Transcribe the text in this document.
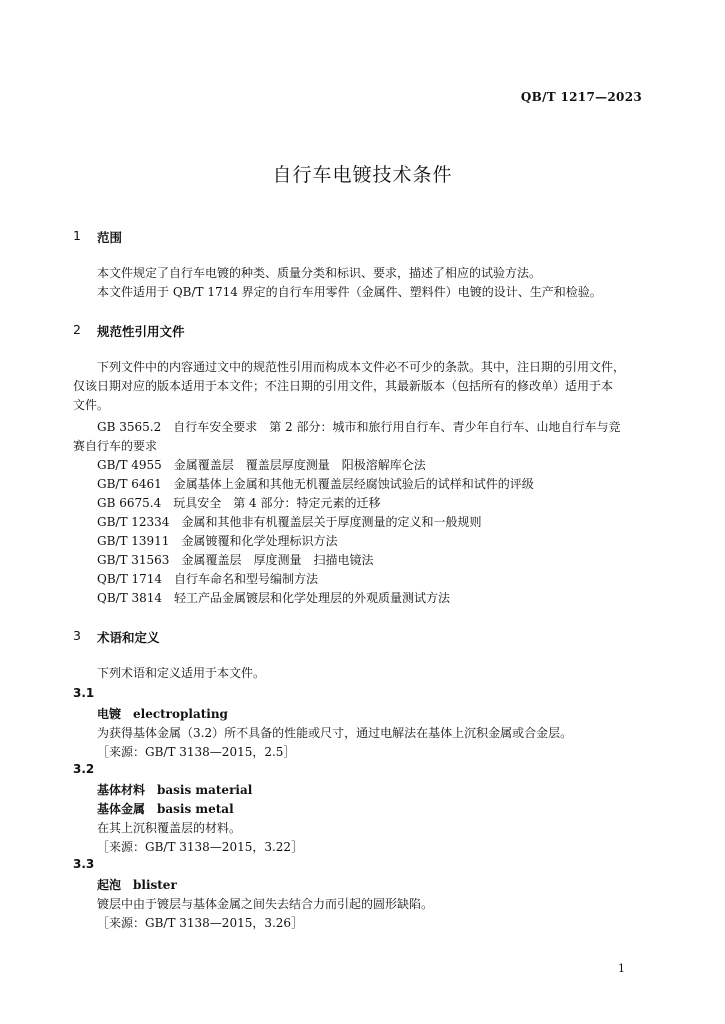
QB/T 1217—2023
自行车电镀技术条件
1 范围
本文件规定了自行车电镀的种类、质量分类和标识、要求，描述了相应的试验方法。
本文件适用于 QB/T 1714 界定的自行车用零件（金属件、塑料件）电镀的设计、生产和检验。
2 规范性引用文件
下列文件中的内容通过文中的规范性引用而构成本文件必不可少的条款。其中，注日期的引用文件，
仅该日期对应的版本适用于本文件；不注日期的引用文件，其最新版本（包括所有的修改单）适用于本
文件。
GB 3565.2　自行车安全要求　第 2 部分：城市和旅行用自行车、青少年自行车、山地自行车与竞
赛自行车的要求
GB/T 4955　金属覆盖层　覆盖层厚度测量　阳极溶解库仑法
GB/T 6461　金属基体上金属和其他无机覆盖层经腐蚀试验后的试样和试件的评级
GB 6675.4　玩具安全　第 4 部分：特定元素的迁移
GB/T 12334　金属和其他非有机覆盖层关于厚度测量的定义和一般规则
GB/T 13911　金属镀覆和化学处理标识方法
GB/T 31563　金属覆盖层　厚度测量　扫描电镜法
QB/T 1714　自行车命名和型号编制方法
QB/T 3814　轻工产品金属镀层和化学处理层的外观质量测试方法
3 术语和定义
下列术语和定义适用于本文件。
3.1
电镀　electroplating
为获得基体金属（3.2）所不具备的性能或尺寸，通过电解法在基体上沉积金属或合金层。
［来源：GB/T 3138—2015，2.5］
3.2
基体材料　basis material
基体金属　basis metal
在其上沉积覆盖层的材料。
［来源：GB/T 3138—2015，3.22］
3.3
起泡　blister
镀层中由于镀层与基体金属之间失去结合力而引起的圆形缺陷。
［来源：GB/T 3138—2015，3.26］
1
